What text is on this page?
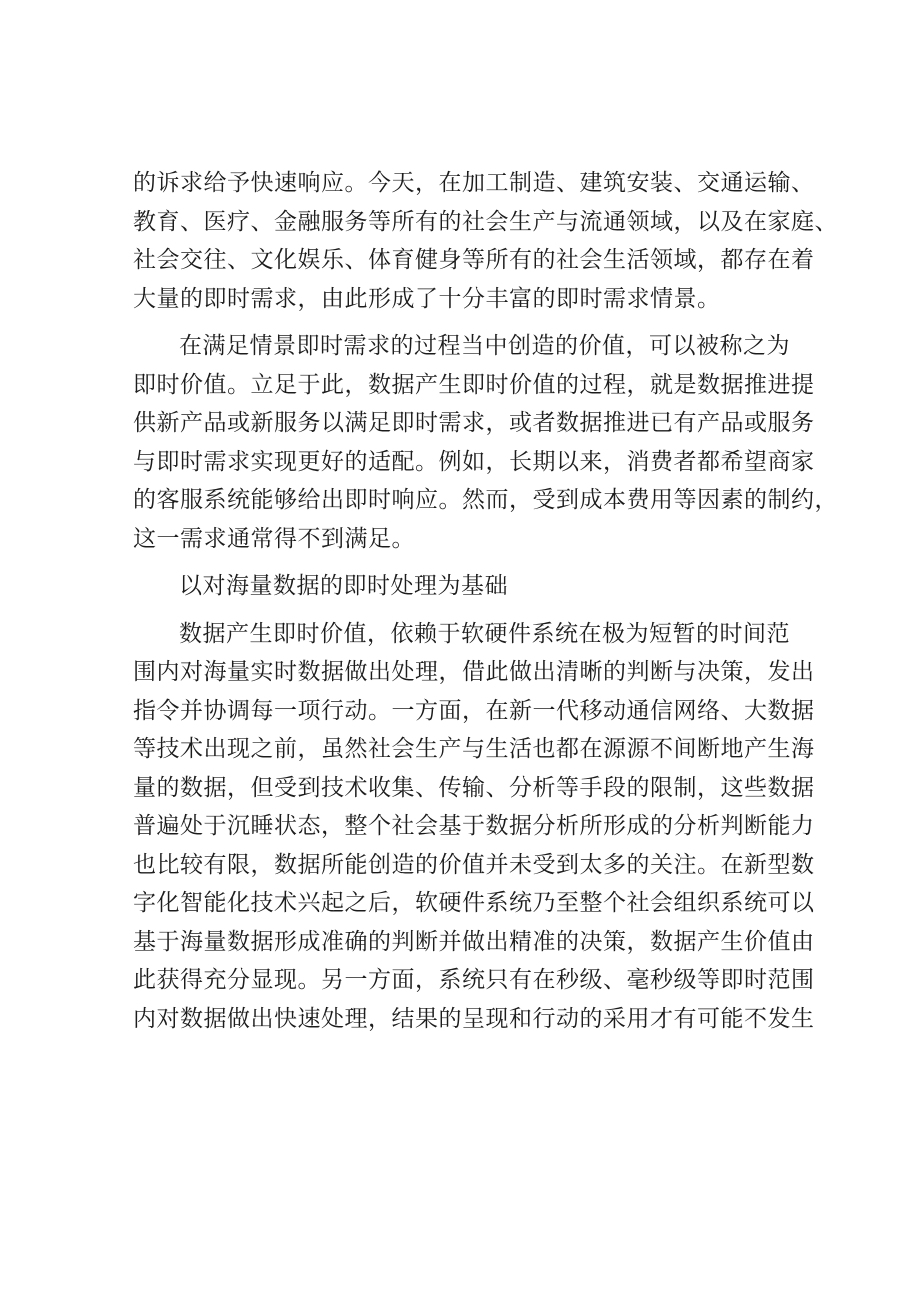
的诉求给予快速响应。今天，在加工制造、建筑安装、交通运输、
教育、医疗、金融服务等所有的社会生产与流通领域，以及在家庭、
社会交往、文化娱乐、体育健身等所有的社会生活领域，都存在着
大量的即时需求，由此形成了十分丰富的即时需求情景。
在满足情景即时需求的过程当中创造的价值，可以被称之为
即时价值。立足于此，数据产生即时价值的过程，就是数据推进提
供新产品或新服务以满足即时需求，或者数据推进已有产品或服务
与即时需求实现更好的适配。例如，长期以来，消费者都希望商家
的客服系统能够给出即时响应。然而，受到成本费用等因素的制约，
这一需求通常得不到满足。
以对海量数据的即时处理为基础
数据产生即时价值，依赖于软硬件系统在极为短暂的时间范
围内对海量实时数据做出处理，借此做出清晰的判断与决策，发出
指令并协调每一项行动。一方面，在新一代移动通信网络、大数据
等技术出现之前，虽然社会生产与生活也都在源源不间断地产生海
量的数据，但受到技术收集、传输、分析等手段的限制，这些数据
普遍处于沉睡状态，整个社会基于数据分析所形成的分析判断能力
也比较有限，数据所能创造的价值并未受到太多的关注。在新型数
字化智能化技术兴起之后，软硬件系统乃至整个社会组织系统可以
基于海量数据形成准确的判断并做出精准的决策，数据产生价值由
此获得充分显现。另一方面，系统只有在秒级、毫秒级等即时范围
内对数据做出快速处理，结果的呈现和行动的采用才有可能不发生
